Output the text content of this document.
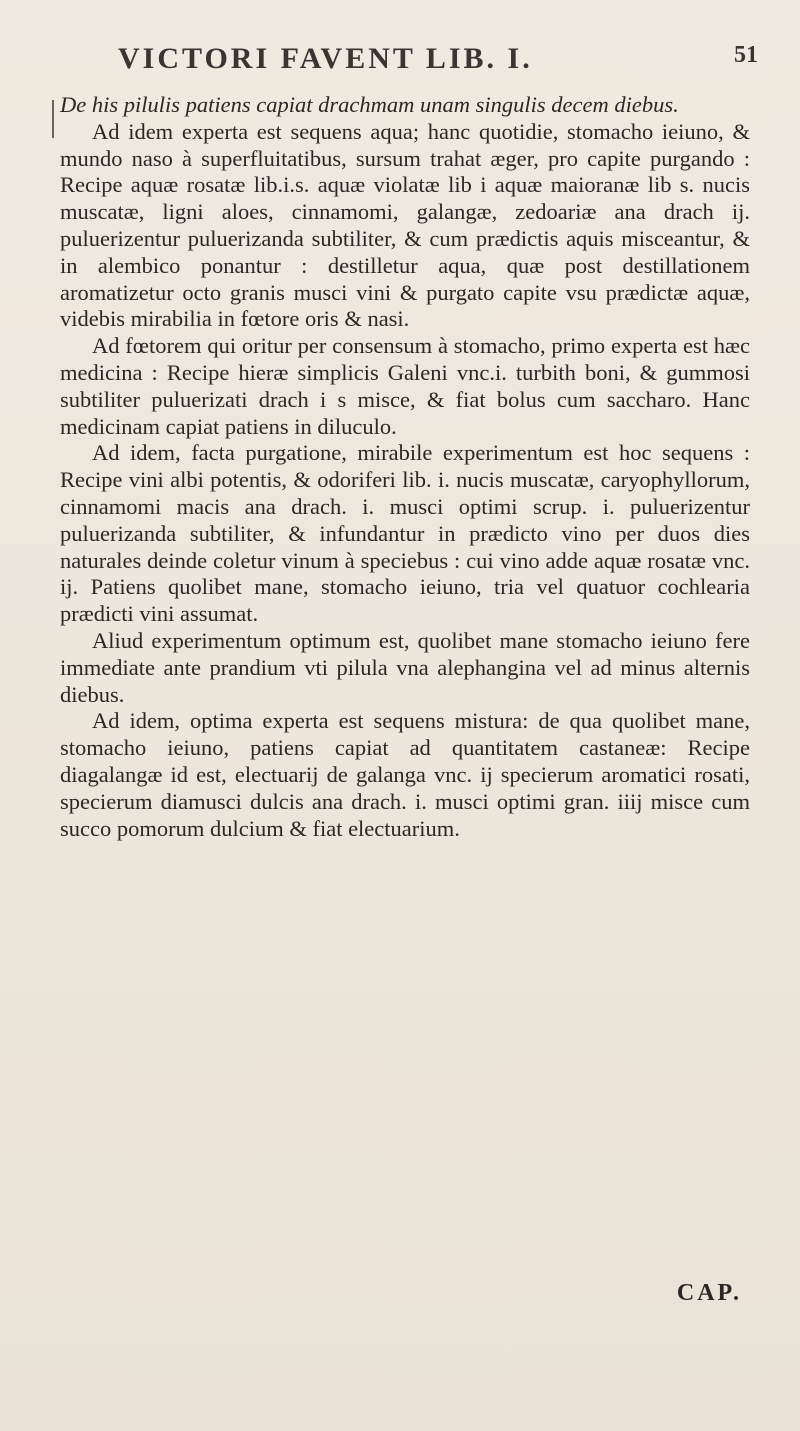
VICTORI FAVENT LIB. I.	51

De his pilulis patiens capiat drachmam unam singulis decem diebus.

Ad idem experta est sequens aqua; hanc quotidie, stomacho ieiuno, & mundo naso à superfluitatibus, sursum trahat æger, pro capite purgando : Recipe aquæ rosatæ lib.i.s. aquæ violatæ lib i aquæ maioranæ lib s. nucis muscatæ, ligni aloes, cinnamomi, galangæ, zedoariæ ana drach ij. puluerizentur puluerizanda subtiliter, & cum prædictis aquis misceantur, & in alembico ponantur : destilletur aqua, quæ post destillationem aromatizetur octo granis musci vini & purgato capite vsu prædictæ aquæ, videbis mirabilia in fœtore oris & nasi.

Ad fœtorem qui oritur per consensum à stomacho, primo experta est hæc medicina : Recipe hieræ simplicis Galeni vnc.i. turbith boni, & gummosi subtiliter puluerizati drach i s misce, & fiat bolus cum saccharo. Hanc medicinam capiat patiens in diluculo.

Ad idem, facta purgatione, mirabile experimentum est hoc sequens : Recipe vini albi potentis, & odoriferi lib. i. nucis muscatæ, caryophyllorum, cinnamomi macis ana drach. i. musci optimi scrup. i. puluerizentur puluerizanda subtiliter, & infundantur in prædicto vino per duos dies naturales deinde coletur vinum à speciebus : cui vino adde aquæ rosatæ vnc. ij. Patiens quolibet mane, stomacho ieiuno, tria vel quatuor cochlearia prædicti vini assumat.

Aliud experimentum optimum est, quolibet mane stomacho ieiuno fere immediate ante prandium vti pilula vna alephangina vel ad minus alternis diebus.

Ad idem, optima experta est sequens mistura: de qua quolibet mane, stomacho ieiuno, patiens capiat ad quantitatem castaneæ: Recipe diagalangæ id est, electuarij de galanga vnc. ij specierum aromatici rosati, specierum diamusci dulcis ana drach. i. musci optimi gran. iiij misce cum succo pomorum dulcium & fiat electuarium.

CAP.
